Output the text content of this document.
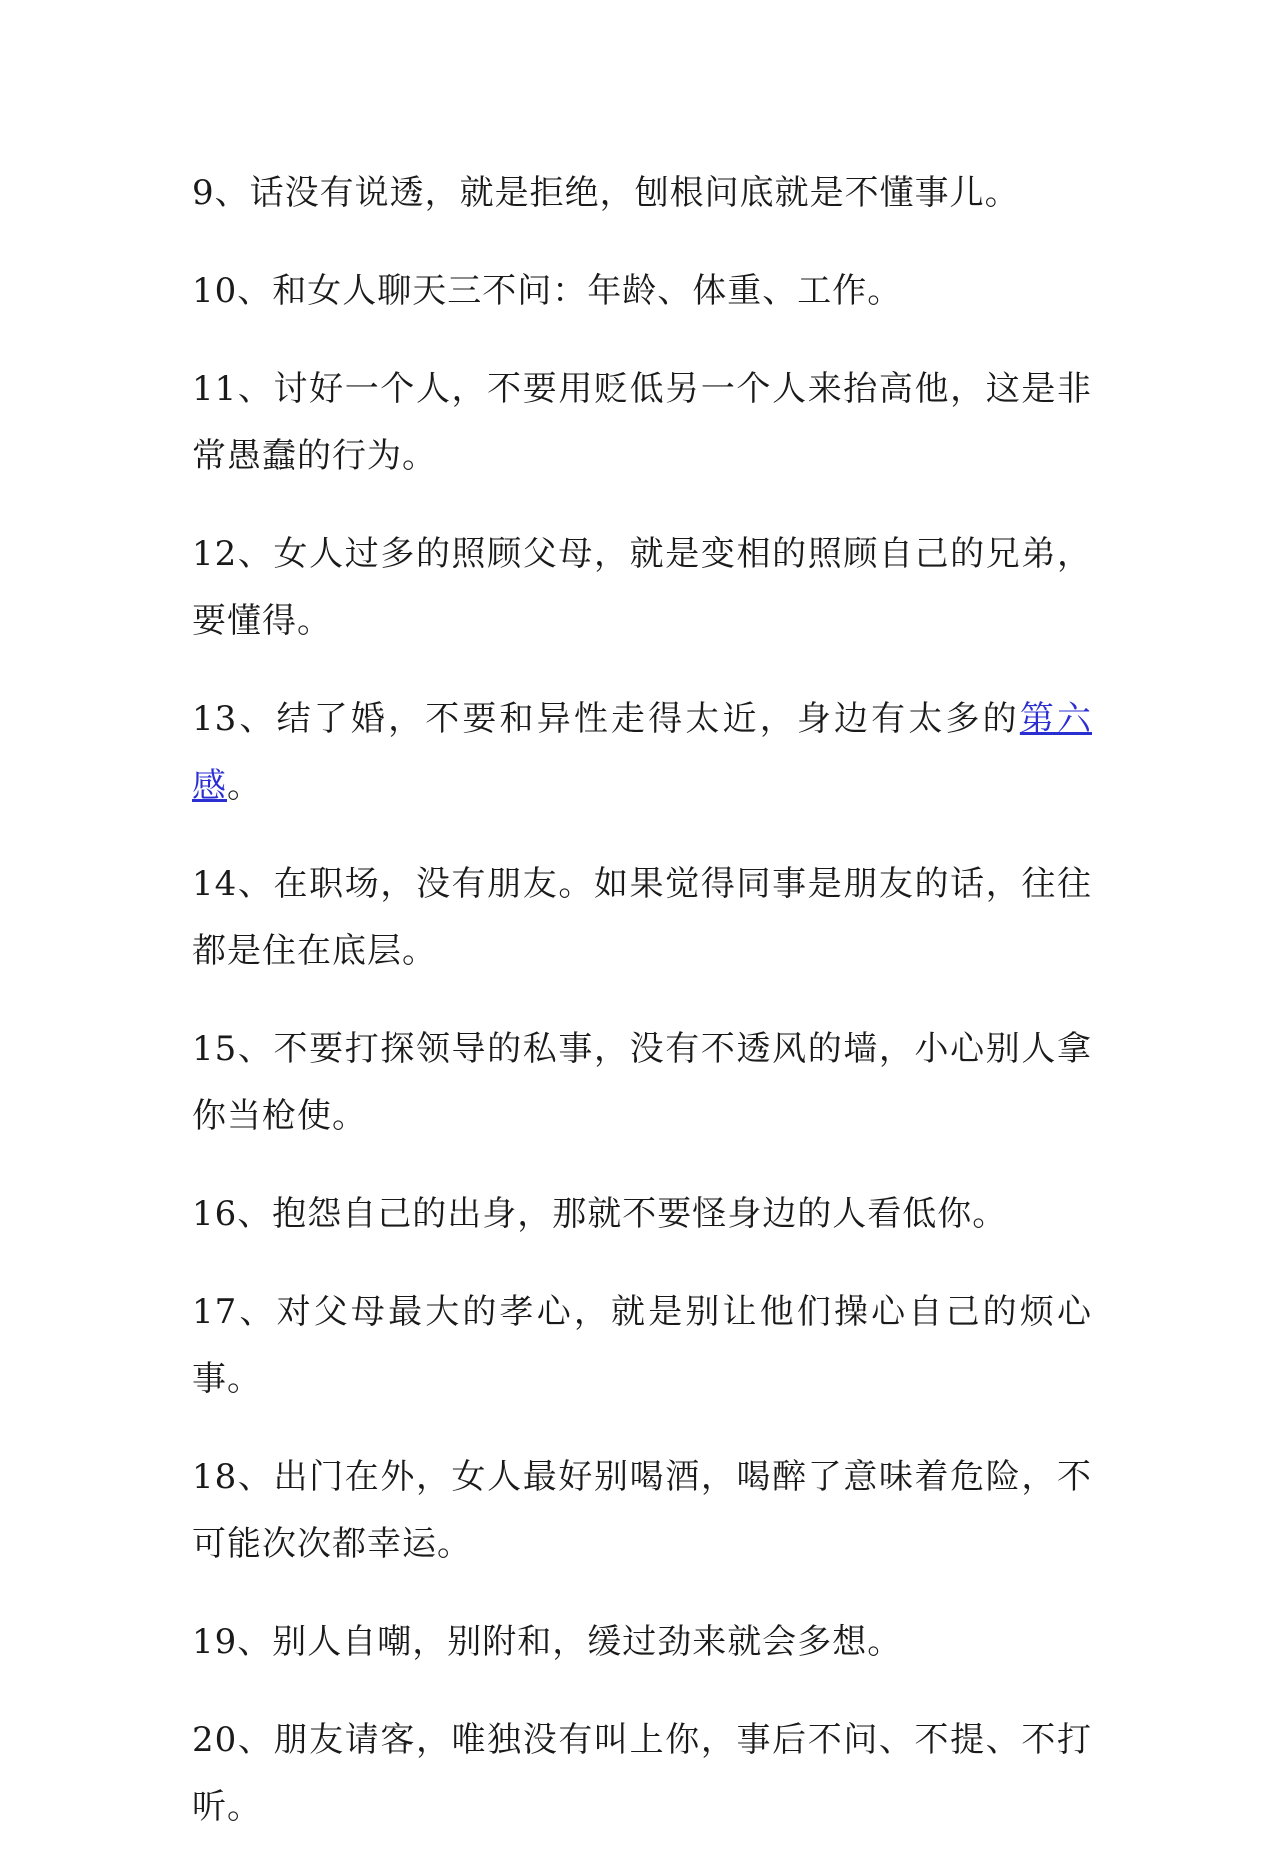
9、话没有说透，就是拒绝，刨根问底就是不懂事儿。

10、和女人聊天三不问：年龄、体重、工作。

11、讨好一个人，不要用贬低另一个人来抬高他，这是非常愚蠢的行为。

12、女人过多的照顾父母，就是变相的照顾自己的兄弟，要懂得。

13、结了婚，不要和异性走得太近，身边有太多的第六感。

14、在职场，没有朋友。如果觉得同事是朋友的话，往往都是住在底层。

15、不要打探领导的私事，没有不透风的墙，小心别人拿你当枪使。

16、抱怨自己的出身，那就不要怪身边的人看低你。

17、对父母最大的孝心，就是别让他们操心自己的烦心事。

18、出门在外，女人最好别喝酒，喝醉了意味着危险，不可能次次都幸运。

19、别人自嘲，别附和，缓过劲来就会多想。

20、朋友请客，唯独没有叫上你，事后不问、不提、不打听。
